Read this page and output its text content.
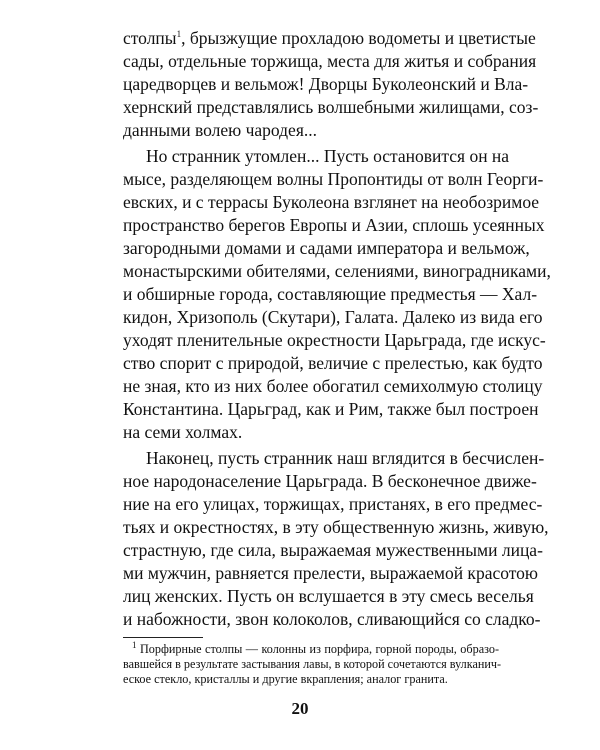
столпы$^1$, брызжущие прохладою водометы и цветистые
сады, отдельные торжища, места для житья и собрания
царедворцев и вельмож! Дворцы Буколеонский и Вла-
хернский представлялись волшебными жилищами, соз-
данными волею чародея...
Но странник утомлен... Пусть остановится он на
мысе, разделяющем волны Пропонтиды от волн Георги-
евских, и с террасы Буколеона взглянет на необозримое
пространство берегов Европы и Азии, сплошь усеянных
загородными домами и садами императора и вельмож,
монастырскими обителями, селениями, виноградниками,
и обширные города, составляющие предместья — Хал-
кидон, Хризополь (Скутари), Галата. Далеко из вида его
уходят пленительные окрестности Царьграда, где искус-
ство спорит с природой, величие с прелестью, как будто
не зная, кто из них более обогатил семихолмую столицу
Константина. Царьград, как и Рим, также был построен
на семи холмах.
Наконец, пусть странник наш вглядится в бесчислен-
ное народонаселение Царьграда. В бесконечное движе-
ние на его улицах, торжищах, пристанях, в его предмес-
тьях и окрестностях, в эту общественную жизнь, живую,
страстную, где сила, выражаемая мужественными лица-
ми мужчин, равняется прелести, выражаемой красотою
лиц женских. Пусть он вслушается в эту смесь веселья
и набожности, звон колоколов, сливающийся со сладко-
$^1$ Порфирные столпы — колонны из порфира, горной породы, образо-
вавшейся в результате застывания лавы, в которой сочетаются вулканич-
еское стекло, кристаллы и другие вкрапления; аналог гранита.
20
